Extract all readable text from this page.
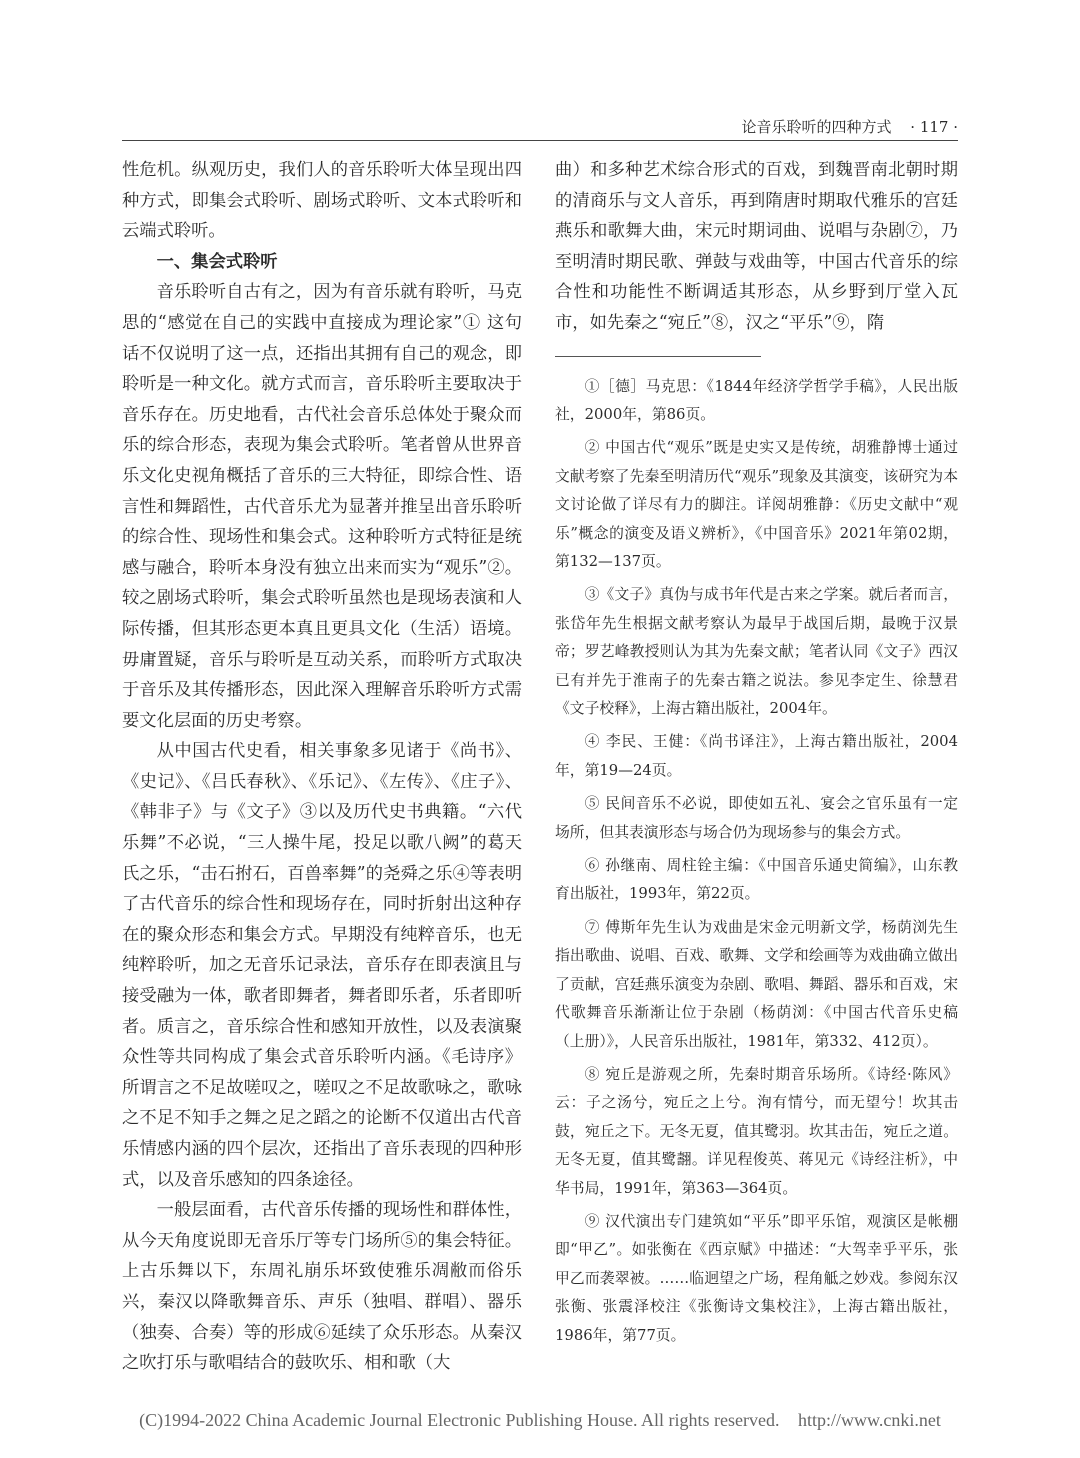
论音乐聆听的四种方式 · 117 ·

性危机。纵观历史，我们人的音乐聆听大体呈现出四种方式，即集会式聆听、剧场式聆听、文本式聆听和云端式聆听。

一、集会式聆听

音乐聆听自古有之，因为有音乐就有聆听，马克思的“感觉在自己的实践中直接成为理论家”① 这句话不仅说明了这一点，还指出其拥有自己的观念，即聆听是一种文化。就方式而言，音乐聆听主要取决于音乐存在。历史地看，古代社会音乐总体处于聚众而乐的综合形态，表现为集会式聆听。笔者曾从世界音乐文化史视角概括了音乐的三大特征，即综合性、语言性和舞蹈性，古代音乐尤为显著并推呈出音乐聆听的综合性、现场性和集会式。这种聆听方式特征是统感与融合，聆听本身没有独立出来而实为“观乐”②。较之剧场式聆听，集会式聆听虽然也是现场表演和人际传播，但其形态更本真且更具文化（生活）语境。毋庸置疑，音乐与聆听是互动关系，而聆听方式取决于音乐及其传播形态，因此深入理解音乐聆听方式需要文化层面的历史考察。

从中国古代史看，相关事象多见诸于《尚书》、《史记》、《吕氏春秋》、《乐记》、《左传》、《庄子》、《韩非子》与《文子》③以及历代史书典籍。“六代乐舞”不必说，“三人操牛尾，投足以歌八阙”的葛天氏之乐，“击石拊石，百兽率舞”的尧舜之乐④等表明了古代音乐的综合性和现场存在，同时折射出这种存在的聚众形态和集会方式。早期没有纯粹音乐，也无纯粹聆听，加之无音乐记录法，音乐存在即表演且与接受融为一体，歌者即舞者，舞者即乐者，乐者即听者。质言之，音乐综合性和感知开放性，以及表演聚众性等共同构成了集会式音乐聆听内涵。《毛诗序》所谓言之不足故嗟叹之，嗟叹之不足故歌咏之，歌咏之不足不知手之舞之足之蹈之的论断不仅道出古代音乐情感内涵的四个层次，还指出了音乐表现的四种形式，以及音乐感知的四条途径。

一般层面看，古代音乐传播的现场性和群体性，从今天角度说即无音乐厅等专门场所⑤的集会特征。上古乐舞以下，东周礼崩乐坏致使雅乐凋敝而俗乐兴，秦汉以降歌舞音乐、声乐（独唱、群唱）、器乐（独奏、合奏）等的形成⑥延续了众乐形态。从秦汉之吹打乐与歌唱结合的鼓吹乐、相和歌（大

曲）和多种艺术综合形式的百戏，到魏晋南北朝时期的清商乐与文人音乐，再到隋唐时期取代雅乐的宫廷燕乐和歌舞大曲，宋元时期词曲、说唱与杂剧⑦，乃至明清时期民歌、弹鼓与戏曲等，中国古代音乐的综合性和功能性不断调适其形态，从乡野到厅堂入瓦市，如先秦之“宛丘”⑧，汉之“平乐”⑨，隋

①［德］马克思：《1844年经济学哲学手稿》，人民出版社，2000年，第86页。

② 中国古代“观乐”既是史实又是传统，胡雅静博士通过文献考察了先秦至明清历代“观乐”现象及其演变，该研究为本文讨论做了详尽有力的脚注。详阅胡雅静：《历史文献中“观乐”概念的演变及语义辨析》，《中国音乐》2021年第02期，第132—137页。

③《文子》真伪与成书年代是古来之学案。就后者而言，张岱年先生根据文献考察认为最早于战国后期，最晚于汉景帝；罗艺峰教授则认为其为先秦文献；笔者认同《文子》西汉已有并先于淮南子的先秦古籍之说法。参见李定生、徐慧君《文子校释》，上海古籍出版社，2004年。

④ 李民、王健：《尚书译注》，上海古籍出版社，2004年，第19—24页。

⑤ 民间音乐不必说，即使如五礼、宴会之官乐虽有一定场所，但其表演形态与场合仍为现场参与的集会方式。

⑥ 孙继南、周柱铨主编：《中国音乐通史简编》，山东教育出版社，1993年，第22页。

⑦ 傅斯年先生认为戏曲是宋金元明新文学，杨荫浏先生指出歌曲、说唱、百戏、歌舞、文学和绘画等为戏曲确立做出了贡献，宫廷燕乐演变为杂剧、歌唱、舞蹈、器乐和百戏，宋代歌舞音乐渐渐让位于杂剧（杨荫浏：《中国古代音乐史稿（上册）》，人民音乐出版社，1981年，第332、412页）。

⑧ 宛丘是游观之所，先秦时期音乐场所。《诗经·陈风》云：子之汤兮，宛丘之上兮。洵有情兮，而无望兮！坎其击鼓，宛丘之下。无冬无夏，值其鹭羽。坎其击缶，宛丘之道。无冬无夏，值其鹭翿。详见程俊英、蒋见元《诗经注析》，中华书局，1991年，第363—364页。

⑨ 汉代演出专门建筑如“平乐”即平乐馆，观演区是帐棚即“甲乙”。如张衡在《西京赋》中描述：“大驾幸乎平乐，张甲乙而袭翠被。……临迥望之广场，程角觝之妙戏。参阅东汉张衡、张震泽校注《张衡诗文集校注》，上海古籍出版社，1986年，第77页。

(C)1994-2022 China Academic Journal Electronic Publishing House. All rights reserved. http://www.cnki.net
